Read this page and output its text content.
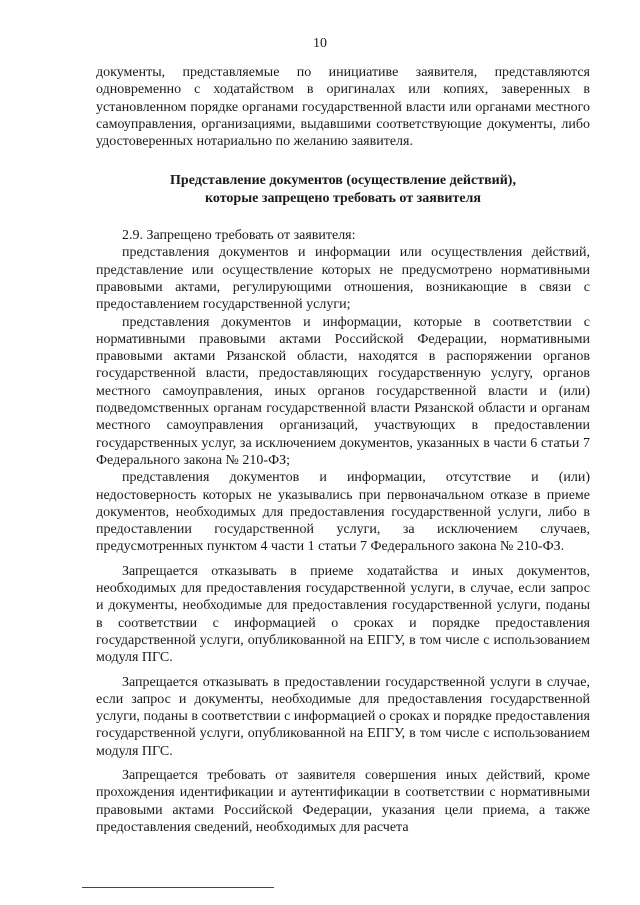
10

документы, представляемые по инициативе заявителя, представляются одновременно с ходатайством в оригиналах или копиях, заверенных в установленном порядке органами государственной власти или органами местного самоуправления, организациями, выдавшими соответствующие документы, либо удостоверенных нотариально по желанию заявителя.

Представление документов (осуществление действий),
которые запрещено требовать от заявителя

2.9. Запрещено требовать от заявителя:

представления документов и информации или осуществления действий, представление или осуществление которых не предусмотрено нормативными правовыми актами, регулирующими отношения, возникающие в связи с предоставлением государственной услуги;

представления документов и информации, которые в соответствии с нормативными правовыми актами Российской Федерации, нормативными правовыми актами Рязанской области, находятся в распоряжении органов государственной власти, предоставляющих государственную услугу, органов местного самоуправления, иных органов государственной власти и (или) подведомственных органам государственной власти Рязанской области и органам местного самоуправления организаций, участвующих в предоставлении государственных услуг, за исключением документов, указанных в части 6 статьи 7 Федерального закона № 210-ФЗ;

представления документов и информации, отсутствие и (или) недостоверность которых не указывались при первоначальном отказе в приеме документов, необходимых для предоставления государственной услуги, либо в предоставлении государственной услуги, за исключением случаев, предусмотренных пунктом 4 части 1 статьи 7 Федерального закона № 210-ФЗ.

Запрещается отказывать в приеме ходатайства и иных документов, необходимых для предоставления государственной услуги, в случае, если запрос и документы, необходимые для предоставления государственной услуги, поданы в соответствии с информацией о сроках и порядке предоставления государственной услуги, опубликованной на ЕПГУ, в том числе с использованием модуля ПГС.

Запрещается отказывать в предоставлении государственной услуги в случае, если запрос и документы, необходимые для предоставления государственной услуги, поданы в соответствии с информацией о сроках и порядке предоставления государственной услуги, опубликованной на ЕПГУ, в том числе с использованием модуля ПГС.

Запрещается требовать от заявителя совершения иных действий, кроме прохождения идентификации и аутентификации в соответствии с нормативными правовыми актами Российской Федерации, указания цели приема, а также предоставления сведений, необходимых для расчета
